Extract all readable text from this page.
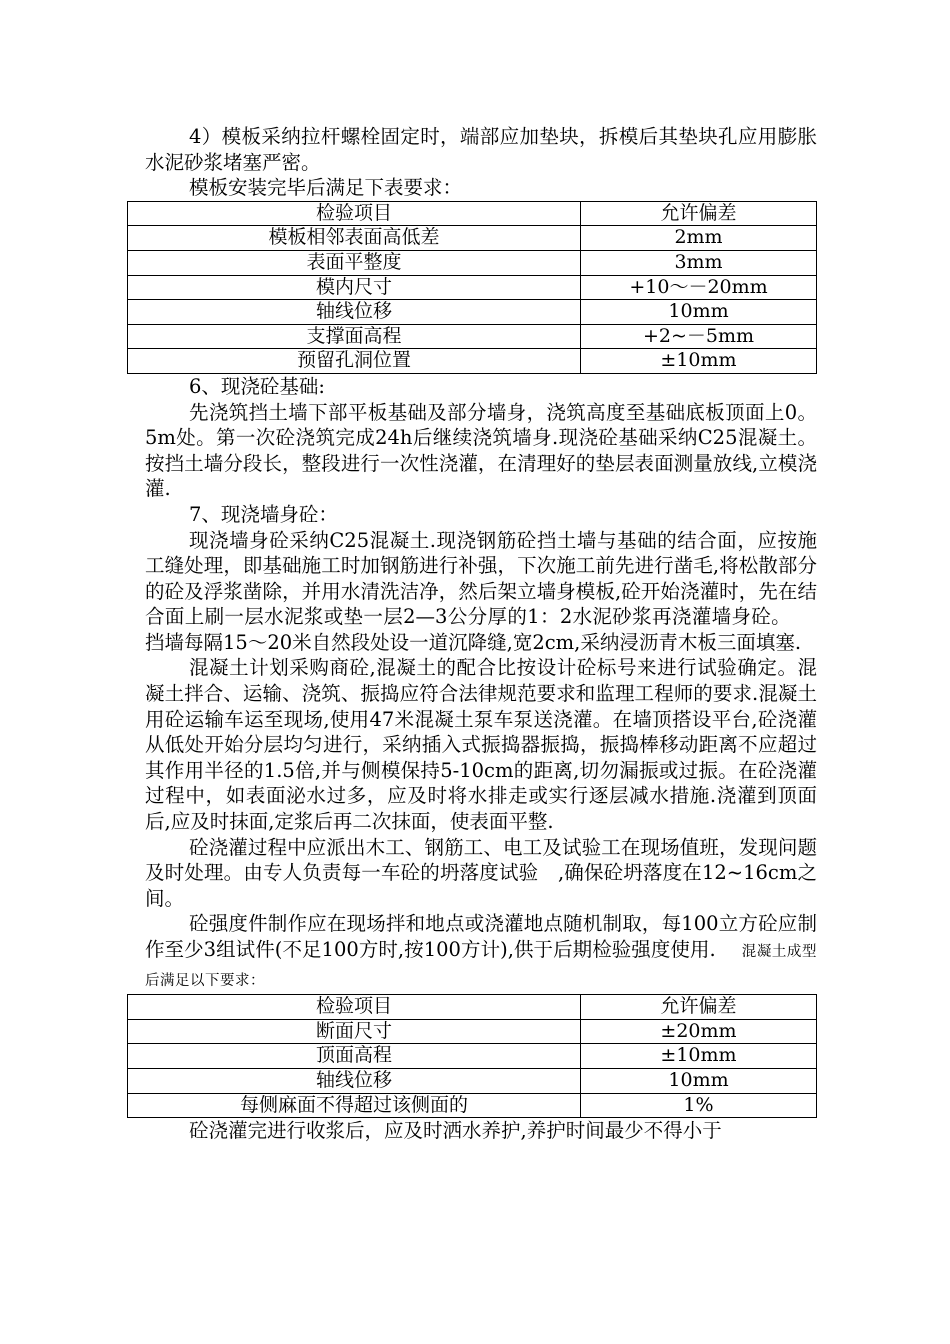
4）模板采纳拉杆螺栓固定时，端部应加垫块，拆模后其垫块孔应用膨胀水泥砂浆堵塞严密。

模板安装完毕后满足下表要求：

检验项目	允许偏差
模板相邻表面高低差	2mm
表面平整度	3mm
模内尺寸	+10～－20mm
轴线位移	10mm
支撑面高程	+2~－5mm
预留孔洞位置	±10mm

6、现浇砼基础:

先浇筑挡土墙下部平板基础及部分墙身，浇筑高度至基础底板顶面上0。5m处。第一次砼浇筑完成24h后继续浇筑墙身.现浇砼基础采纳C25混凝土。按挡土墙分段长，整段进行一次性浇灌，在清理好的垫层表面测量放线,立模浇灌.

7、现浇墙身砼：

现浇墙身砼采纳C25混凝土.现浇钢筋砼挡土墙与基础的结合面，应按施工缝处理，即基础施工时加钢筋进行补强，下次施工前先进行凿毛,将松散部分的砼及浮浆凿除，并用水清洗洁净，然后架立墙身模板,砼开始浇灌时，先在结合面上刷一层水泥浆或垫一层2—3公分厚的1：2水泥砂浆再浇灌墙身砼。挡墙每隔15～20米自然段处设一道沉降缝,宽2cm,采纳浸沥青木板三面填塞.

混凝土计划采购商砼,混凝土的配合比按设计砼标号来进行试验确定。混凝土拌合、运输、浇筑、振捣应符合法律规范要求和监理工程师的要求.混凝土用砼运输车运至现场,使用47米混凝土泵车泵送浇灌。在墙顶搭设平台,砼浇灌从低处开始分层均匀进行，采纳插入式振捣器振捣，振捣棒移动距离不应超过其作用半径的1.5倍,并与侧模保持5-10cm的距离,切勿漏振或过振。在砼浇灌过程中，如表面泌水过多，应及时将水排走或实行逐层减水措施.浇灌到顶面后,应及时抹面,定浆后再二次抹面，使表面平整.

砼浇灌过程中应派出木工、钢筋工、电工及试验工在现场值班，发现问题及时处理。由专人负责每一车砼的坍落度试验　,确保砼坍落度在12~16cm之间。

砼强度件制作应在现场拌和地点或浇灌地点随机制取，每100立方砼应制作至少3组试件(不足100方时,按100方计),供于后期检验强度使用. 混凝土成型后满足以下要求：

检验项目	允许偏差
断面尺寸	±20mm
顶面高程	±10mm
轴线位移	10mm
每侧麻面不得超过该侧面的	1%

砼浇灌完进行收浆后，应及时洒水养护,养护时间最少不得小于
